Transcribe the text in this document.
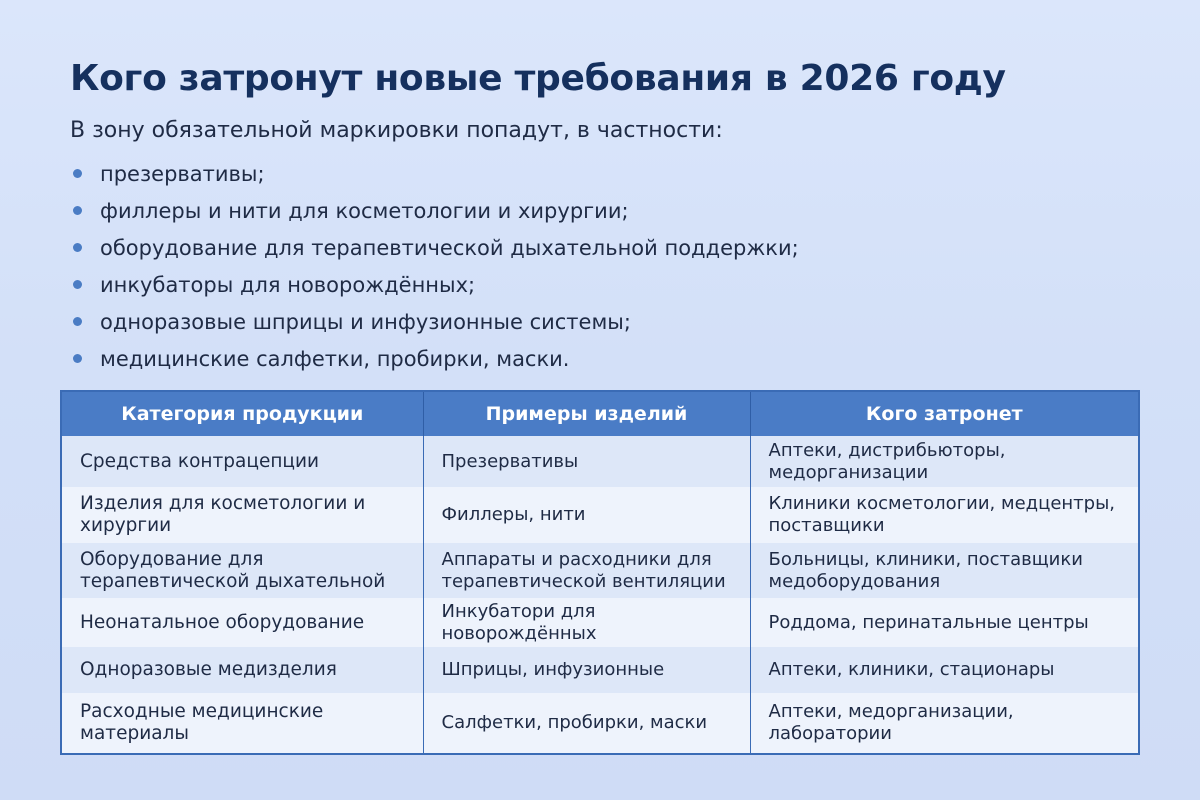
Кого затронут новые требования в 2026 году

В зону обязательной маркировки попадут, в частности:

презервативы;
филлеры и нити для косметологии и хирургии;
оборудование для терапевтической дыхательной поддержки;
инкубаторы для новорождённых;
одноразовые шприцы и инфузионные системы;
медицинские салфетки, пробирки, маски.
Категория продукции	Примеры изделий	Кого затронет
Средства контрацепции	Презервативы	Аптеки, дистрибьюторы, медорганизации
Изделия для косметологии и хирургии	Филлеры, нити	Клиники косметологии, медцентры, поставщики
Оборудование для терапевтической дыхательной	Аппараты и расходники для терапевтической вентиляции	Больницы, клиники, поставщики медоборудования
Неонатальное оборудование	Инкубатори для новорождённых	Роддома, перинатальные центры
Одноразовые медизделия	Шприцы, инфузионные	Аптеки, клиники, стационары
Расходные медицинские материалы	Салфетки, пробирки, маски	Аптеки, медорганизации, лаборатории
